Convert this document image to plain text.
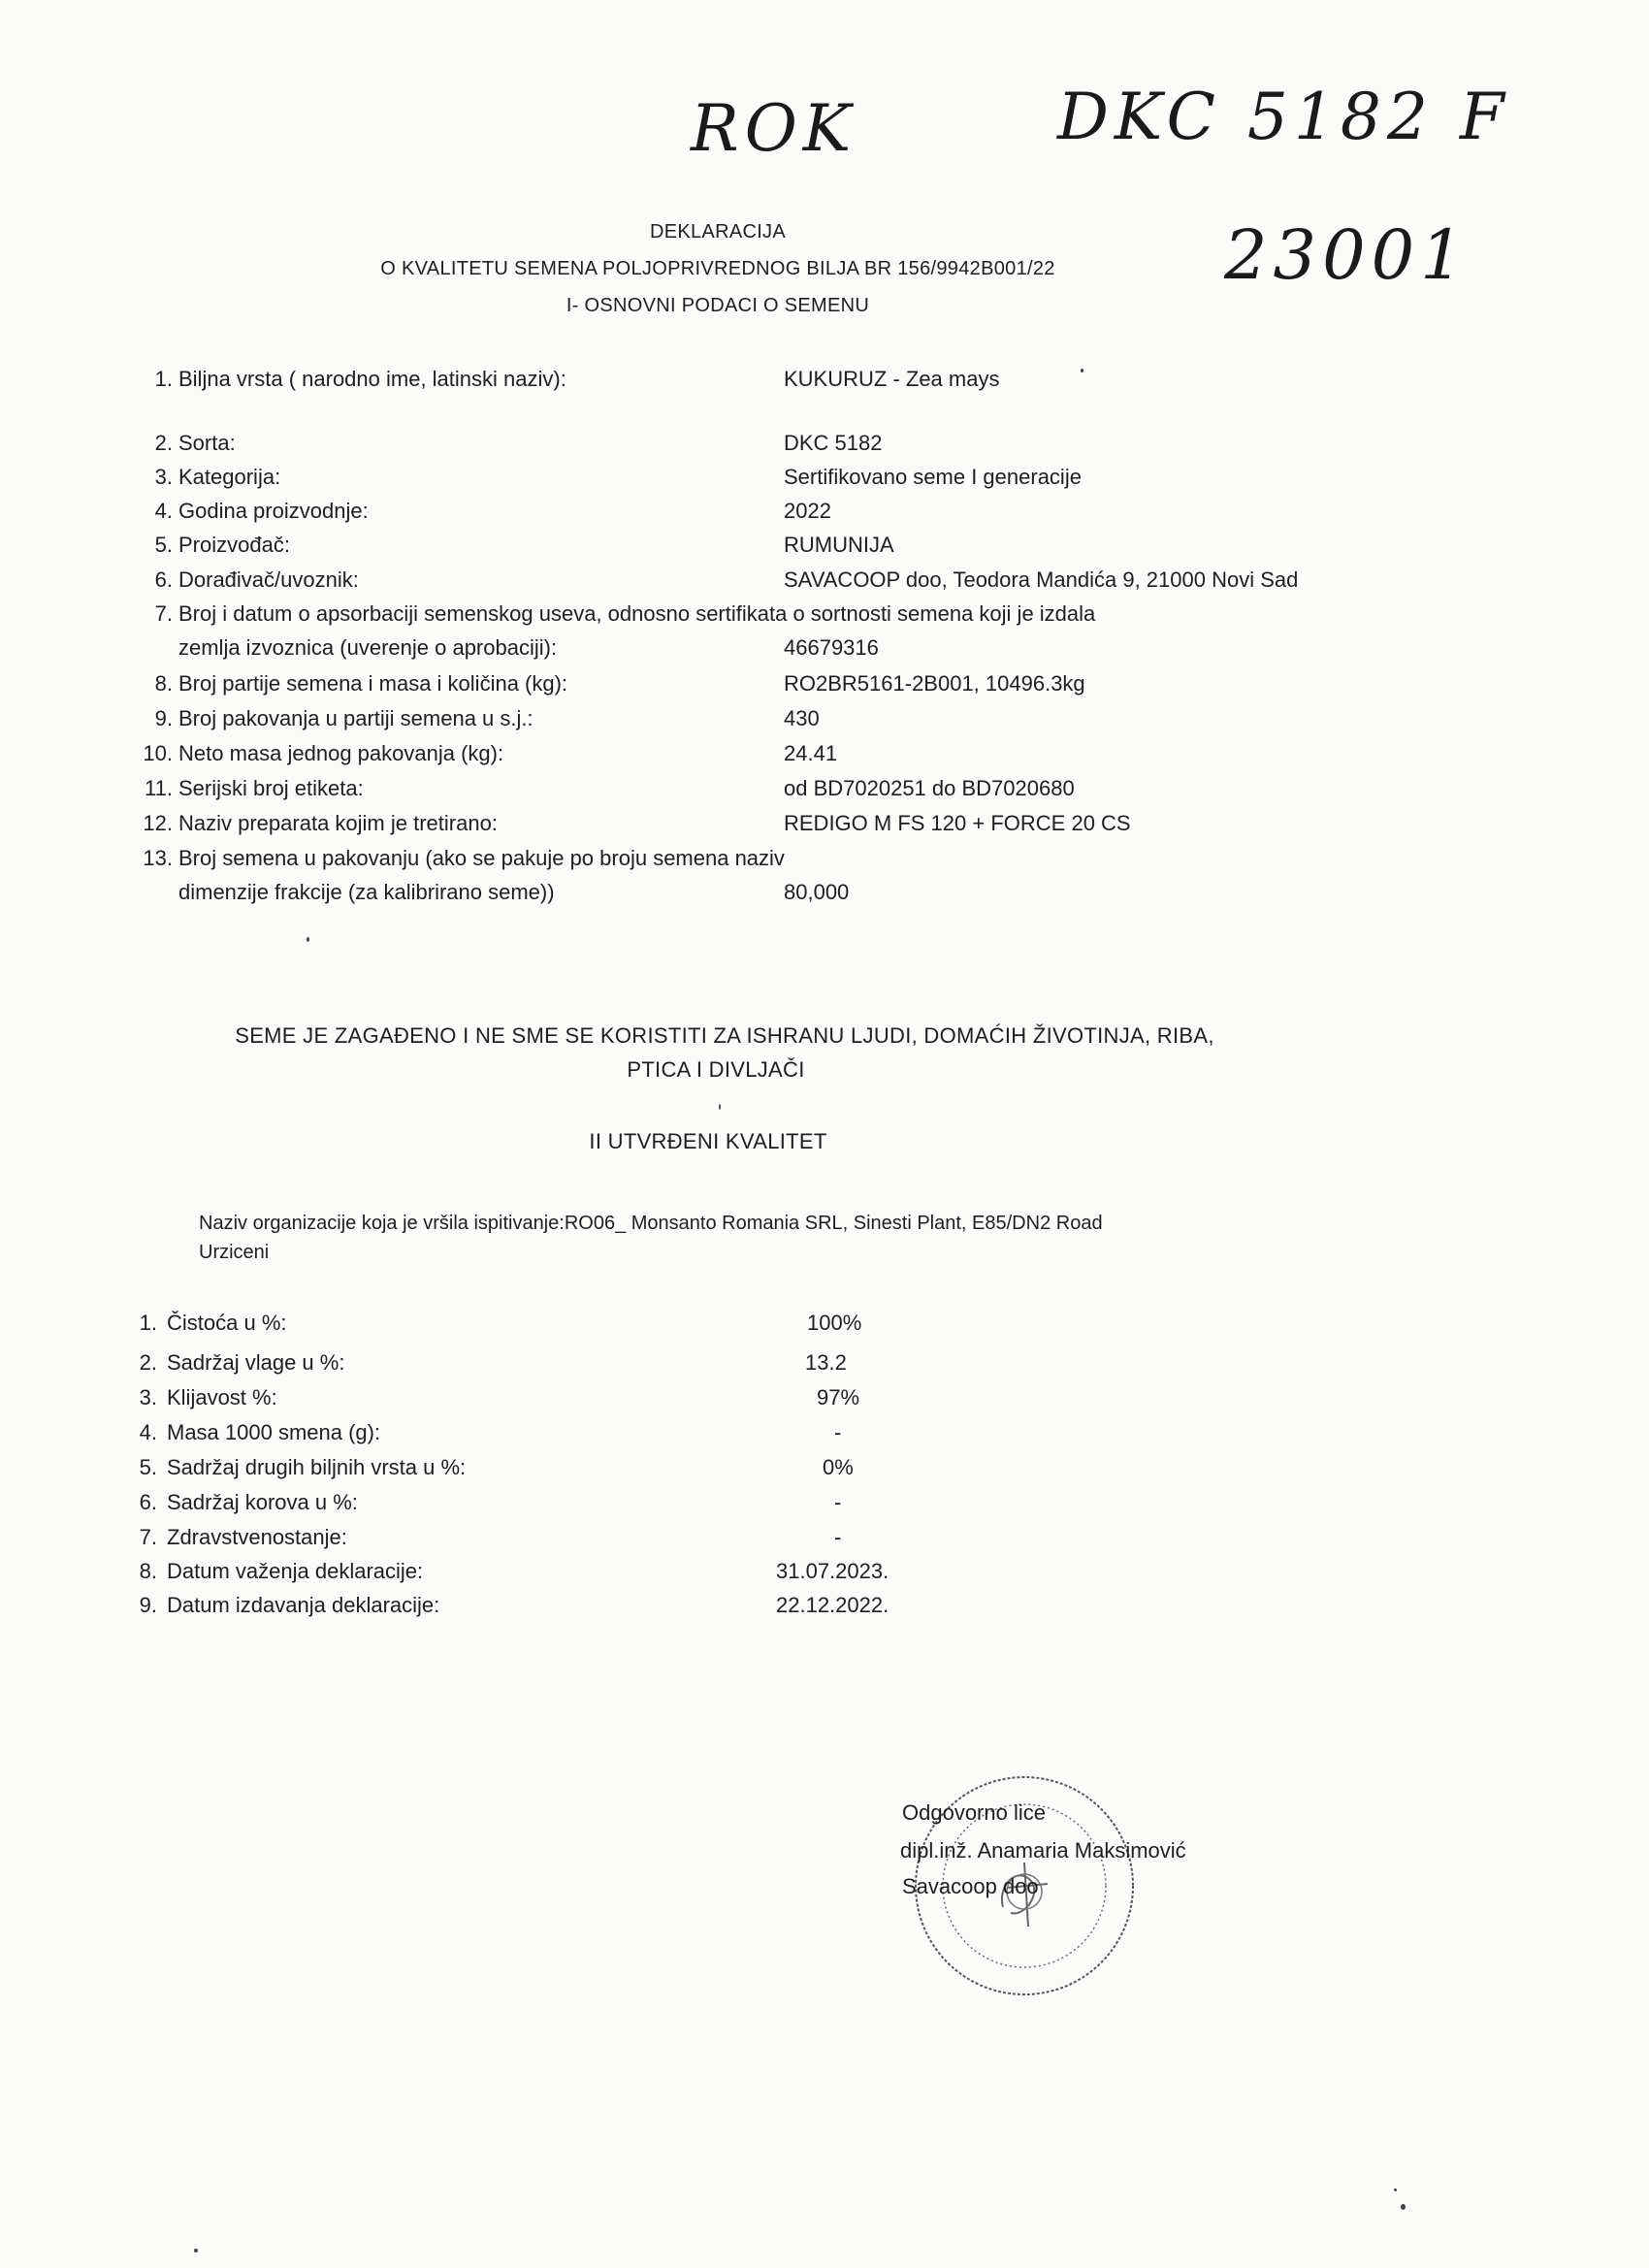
ROK	DKC 5182 F
23001
DEKLARACIJA
O KVALITETU SEMENA POLJOPRIVREDNOG BILJA BR 156/9942B001/22
I- OSNOVNI PODACI O SEMENU
1. Biljna vrsta ( narodno ime, latinski naziv):	KUKURUZ - Zea mays
2. Sorta:	DKC 5182
3. Kategorija:	Sertifikovano seme I generacije
4. Godina proizvodnje:	2022
5. Proizvođač:	RUMUNIJA
6. Dorađivač/uvoznik:	SAVACOOP doo, Teodora Mandića 9, 21000 Novi Sad
7. Broj i datum o apsorbaciji semenskog useva, odnosno sertifikata o sortnosti semena koji je izdala
zemlja izvoznica (uverenje o aprobaciji):	46679316
8. Broj partije semena i masa i količina (kg):	RO2BR5161-2B001, 10496.3kg
9. Broj pakovanja u partiji semena u s.j.:	430
10. Neto masa jednog pakovanja (kg):	24.41
11. Serijski broj etiketa:	od BD7020251 do BD7020680
12. Naziv preparata kojim je tretirano:	REDIGO M FS 120 + FORCE 20 CS
13. Broj semena u pakovanju (ako se pakuje po broju semena naziv
dimenzije frakcije (za kalibrirano seme))	80,000
SEME JE ZAGAĐENO I NE SME SE KORISTITI ZA ISHRANU LJUDI, DOMAĆIH ŽIVOTINJA, RIBA,
PTICA I DIVLJAČI
II UTVRĐENI KVALITET
Naziv organizacije koja je vršila ispitivanje:RO06_ Monsanto Romania SRL, Sinesti Plant, E85/DN2 Road
Urziceni
1. Čistoća u %:	100%
2. Sadržaj vlage u %:	13.2
3. Klijavost %:	97%
4. Masa 1000 smena (g):	-
5. Sadržaj drugih biljnih vrsta u %:	0%
6. Sadržaj korova u %:	-
7. Zdravstvenostanje:	-
8. Datum važenja deklaracije:	31.07.2023.
9. Datum izdavanja deklaracije:	22.12.2022.
Odgovorno lice
dipl.inž. Anamaria Maksimović
Savacoop doo
